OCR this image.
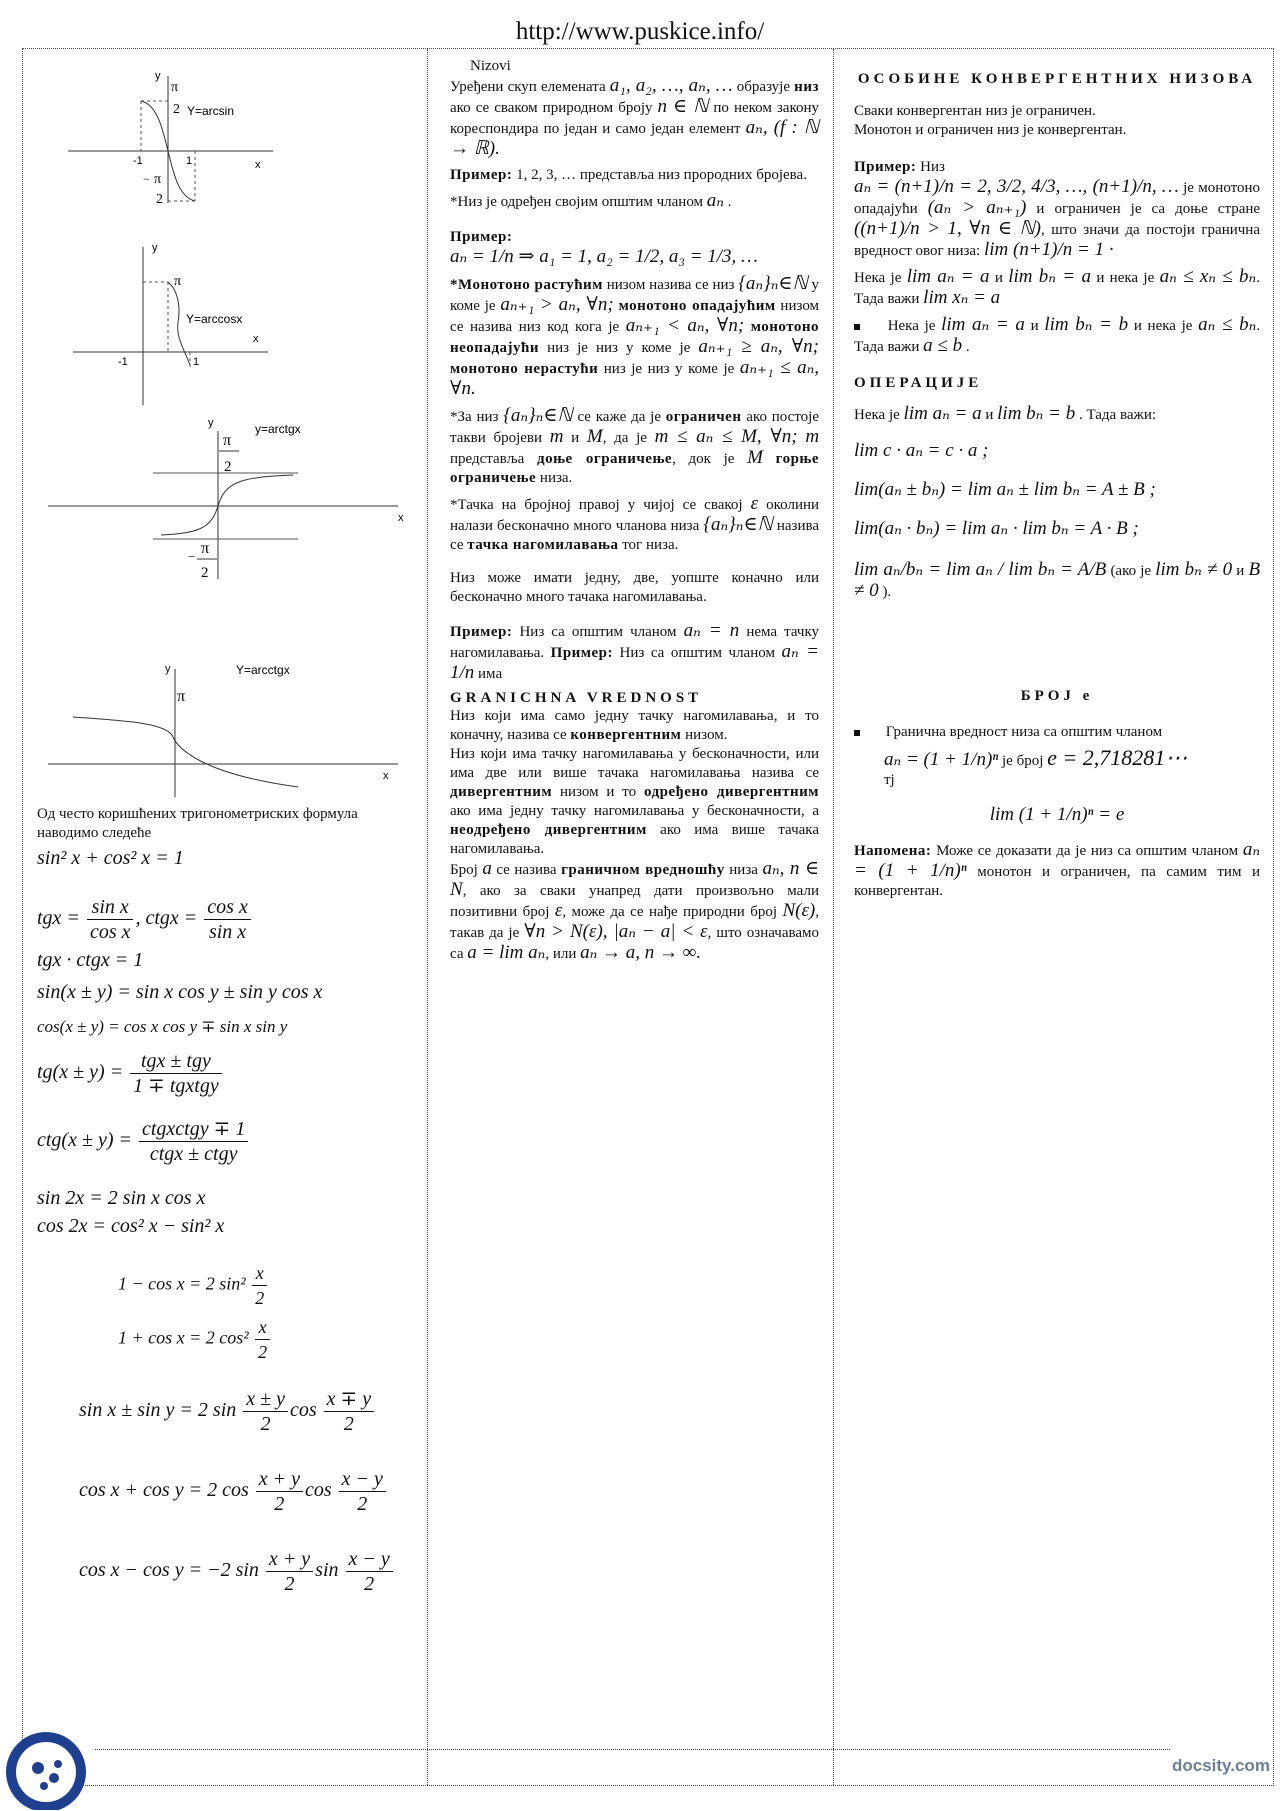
http://www.puskice.info/
y
x
π
2 Y=arcsin
-1	1
− π
2
y
x
π
Y=arccosx
-1	1
y
x
π
2
y=arctgx
− π
2
y
x
π
Y=arcctgx
Од често коришћених тригонометриских формула наводимо следеће
sin² x + cos² x = 1
tgx = $\frac{\text{sin x}}{\text{cos x}}$ , ctgx = $\frac{\text{cos x}}{\text{sin x}}$
tgx · ctgx = 1
sin(x ± y) = sin x cos y ± sin y cos x
cos(x ± y) = cos x cos y ∓ sin x sin y
$tg(x \pm y) = \frac{\text{tgx ± tgy}}{\text{1 ∓ tgxtgy}}$
$ctg(x \pm y) = \frac{\text{ctgxctgy ∓ 1}}{\text{ctgx ± ctgy}}$
sin 2x = 2 sin x cos x
cos 2x = cos² x − sin² x
1 − cos x = 2 $\sin^2 \frac{x}{2}$
1 + cos x = 2 $\cos^2 \frac{x}{2}$
sin x ± sin y = 2 $\sin \frac{x \pm y}{2}$ $\cos \frac{x \mp y}{2}$
cos x + cos y = 2 $\cos \frac{x + y}{2}$ $\cos \frac{x - y}{2}$
cos x − cos y = −2 $\sin \frac{x + y}{2}$ $\sin \frac{x - y}{2}$
Nizovi

Уређени скуп елемената a₁, a₂, …, aₙ, … образује низ ако се сваком природном броју n ∈ ℕ по неком закону кореспондира по један и само један елемент aₙ, (f : ℕ → ℝ).

Пример: 1, 2, 3, … представља низ прородних бројева.

*Низ је одређен својим општим чланом aₙ .

Пример:
aₙ = 1/n ⇒ a₁ = 1, a₂ = 1/2, a₃ = 1/3, …

*Монотоно растућим низом назива се низ {aₙ}ₙ∈ℕ у коме је aₙ₊₁ > aₙ, ∀n; монотоно опадајућим низом се назива низ код кога је aₙ₊₁ < aₙ, ∀n; монотоно неопадајући низ је низ у коме је aₙ₊₁ ≥ aₙ, ∀n; монотоно нерастући низ је низ у коме је aₙ₊₁ ≤ aₙ, ∀n.

*За низ {aₙ}ₙ∈ℕ се каже да је ограничен ако постоје такви бројеви m и M, да је m ≤ aₙ ≤ M, ∀n; m представља доње ограничење, док је M горње ограничење низа.

*Тачка на бројној правој у чијој се свакој ε околини налази бесконачно много чланова низа {aₙ}ₙ∈ℕ назива се тачка нагомилавања тог низа.

Низ може имати једну, две, уопште коначно или бесконачно много тачака нагомилавања.

Пример: Низ са општим чланом aₙ = n нема тачку нагомилавања. Пример: Низ са општим чланом aₙ = 1/n има

GRANICHNA VREDNOST

Низ који има само једну тачку нагомилавања, и то коначну, назива се конвергентним низом.

Низ који има тачку нагомилавања у бесконачности, или има две или више тачака нагомилавања назива се дивергентним низом и то одређено дивергентним ако има једну тачку нагомилавања у бесконачности, а неодређено дивергентним ако има више тачака нагомилавања.

Број a се назива граничном вредношћу низа aₙ, n ∈ N, ако за сваки унапред дати произвољно мали позитивни број ε, може да се нађе природни број N(ε), такав да је ∀n > N(ε), |aₙ − a| < ε, што означавамо са a = lim aₙ, или aₙ → a, n → ∞.

ОСОБИНЕ КОНВЕРГЕНТНИХ НИЗОВА

Сваки конвергентан низ је ограничен.

Монотон и ограничен низ је конвергентан.

Пример: Низ
aₙ = (n+1)/n = 2, 3/2, 4/3, …, (n+1)/n, … је монотоно опадајући (aₙ > aₙ₊₁) и ограничен је са доње стране ((n+1)/n > 1, ∀n ∈ ℕ), што значи да постоји гранична вредност овог низа: lim (n+1)/n = 1 ·

Нека је lim aₙ = a и lim bₙ = a и нека је aₙ ≤ xₙ ≤ bₙ. Тада важи lim xₙ = a

Нека је lim aₙ = a и lim bₙ = b и нека је aₙ ≤ bₙ. Тада важи a ≤ b .

ОПЕРАЦИЈЕ

Нека је lim aₙ = a и lim bₙ = b . Тада важи:

lim c · aₙ = c · a ;
lim(aₙ ± bₙ) = lim aₙ ± lim bₙ = A ± B ;
lim(aₙ · bₙ) = lim aₙ · lim bₙ = A · B ;

lim aₙ/bₙ = lim aₙ / lim bₙ = A/B (ако је lim bₙ ≠ 0 и B ≠ 0 ).

БРОЈ e

Гранична вредност низа са општим чланом

aₙ = (1 + 1/n)ⁿ је број e = 2,718281⋯
тј

lim (1 + 1/n)ⁿ = e

Напомена: Може се доказати да је низ са општим чланом aₙ = (1 + 1/n)ⁿ монотон и ограничен, па самим тим и конвергентан.

docsity.com
